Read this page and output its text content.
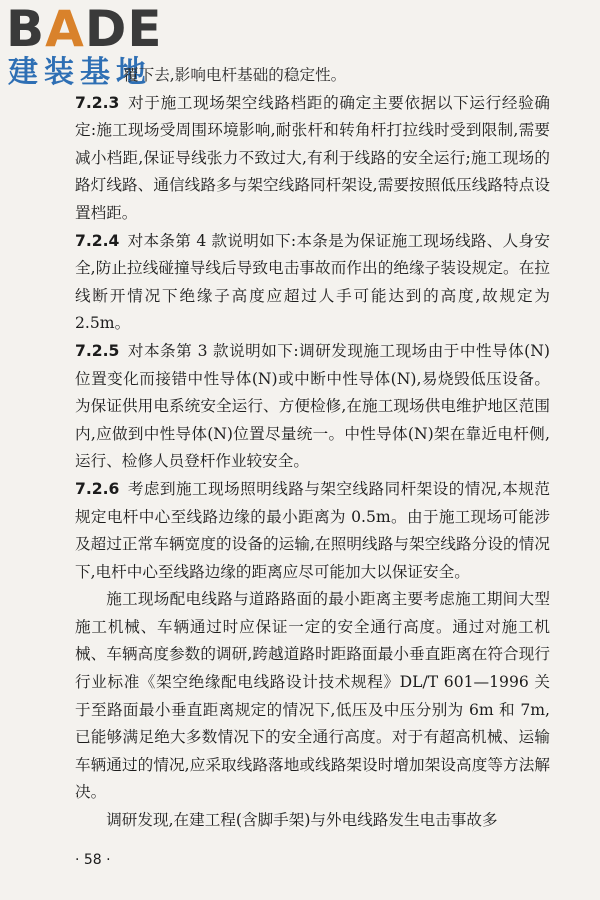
BADE
建装基地

覆下去,影响电杆基础的稳定性。

7.2.3 对于施工现场架空线路档距的确定主要依据以下运行经验确定:施工现场受周围环境影响,耐张杆和转角杆打拉线时受到限制,需要减小档距,保证导线张力不致过大,有利于线路的安全运行;施工现场的路灯线路、通信线路多与架空线路同杆架设,需要按照低压线路特点设置档距。

7.2.4 对本条第 4 款说明如下:本条是为保证施工现场线路、人身安全,防止拉线碰撞导线后导致电击事故而作出的绝缘子装设规定。在拉线断开情况下绝缘子高度应超过人手可能达到的高度,故规定为 2.5m。

7.2.5 对本条第 3 款说明如下:调研发现施工现场由于中性导体(N)位置变化而接错中性导体(N)或中断中性导体(N),易烧毁低压设备。为保证供用电系统安全运行、方便检修,在施工现场供电维护地区范围内,应做到中性导体(N)位置尽量统一。中性导体(N)架在靠近电杆侧,运行、检修人员登杆作业较安全。

7.2.6 考虑到施工现场照明线路与架空线路同杆架设的情况,本规范规定电杆中心至线路边缘的最小距离为 0.5m。由于施工现场可能涉及超过正常车辆宽度的设备的运输,在照明线路与架空线路分设的情况下,电杆中心至线路边缘的距离应尽可能加大以保证安全。

施工现场配电线路与道路路面的最小距离主要考虑施工期间大型施工机械、车辆通过时应保证一定的安全通行高度。通过对施工机械、车辆高度参数的调研,跨越道路时距路面最小垂直距离在符合现行行业标准《架空绝缘配电线路设计技术规程》DL/T 601—1996 关于至路面最小垂直距离规定的情况下,低压及中压分别为 6m 和 7m,已能够满足绝大多数情况下的安全通行高度。对于有超高机械、运输车辆通过的情况,应采取线路落地或线路架设时增加架设高度等方法解决。

调研发现,在建工程(含脚手架)与外电线路发生电击事故多

· 58 ·
